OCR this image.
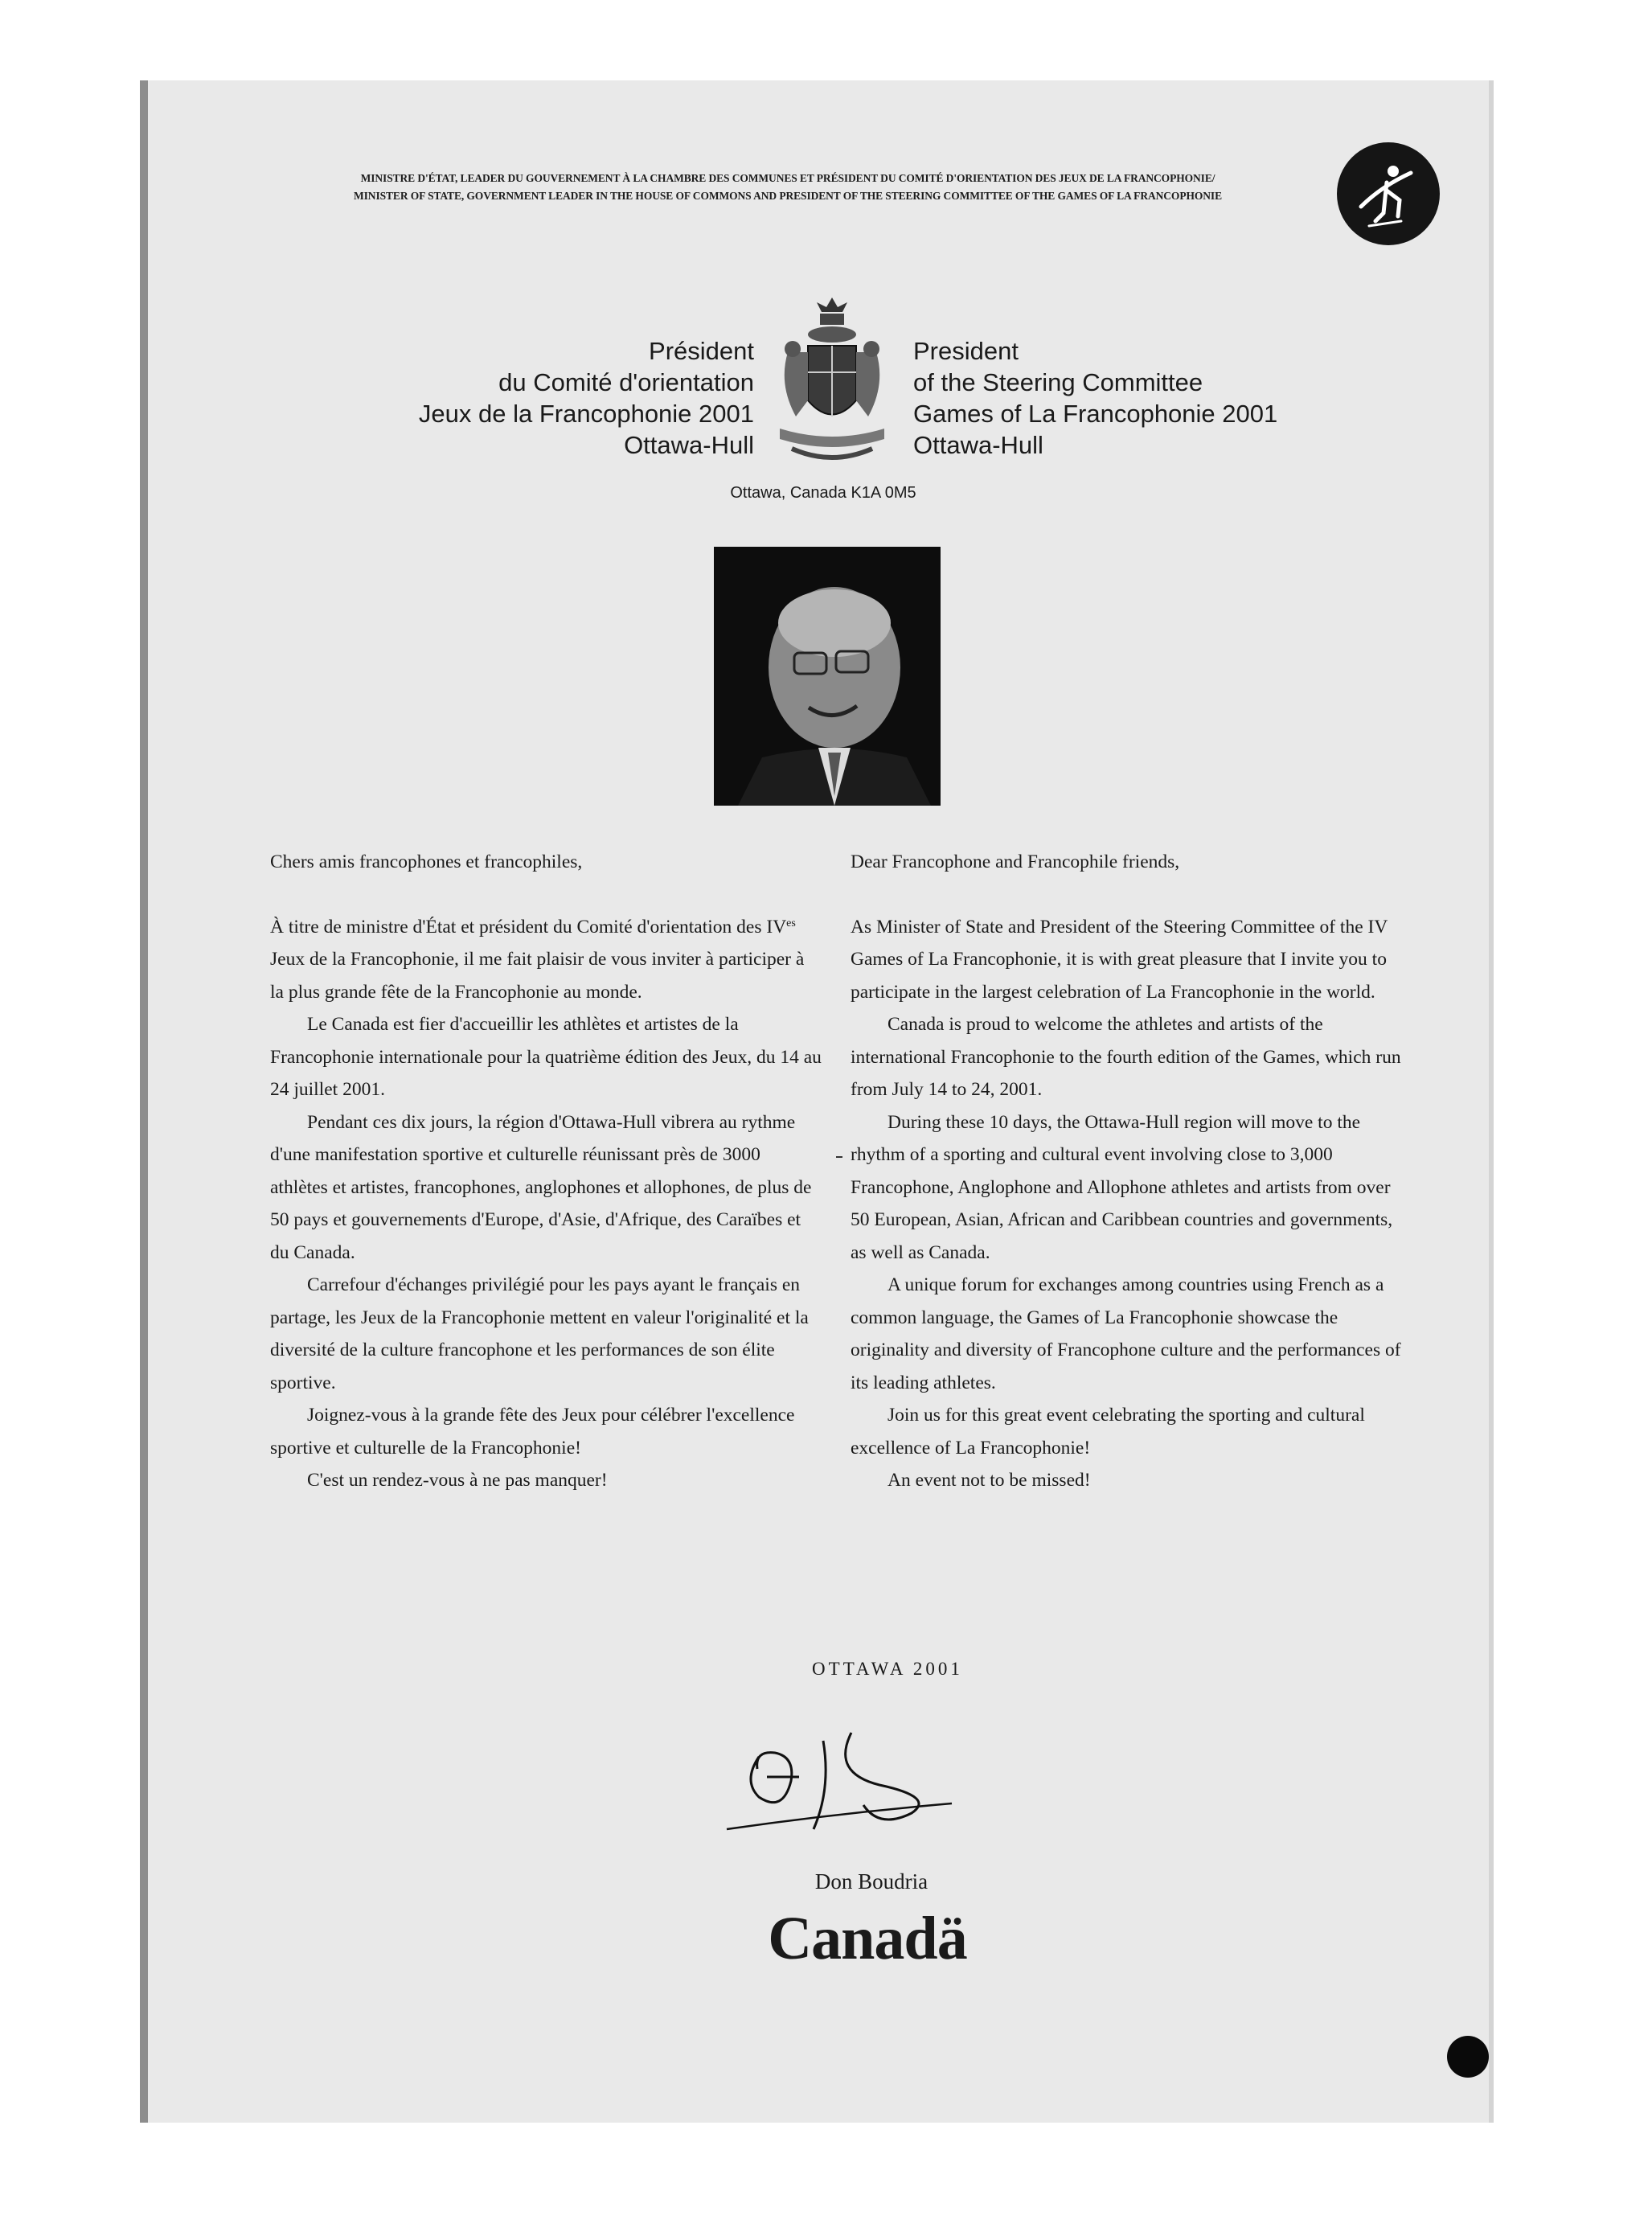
MINISTRE D'ÉTAT, LEADER DU GOUVERNEMENT À LA CHAMBRE DES COMMUNES ET PRÉSIDENT DU COMITÉ D'ORIENTATION DES JEUX DE LA FRANCOPHONIE/
MINISTER OF STATE, GOVERNMENT LEADER IN THE HOUSE OF COMMONS AND PRESIDENT OF THE STEERING COMMITTEE OF THE GAMES OF LA FRANCOPHONIE
Président
du Comité d'orientation
Jeux de la Francophonie 2001
Ottawa-Hull
President
of the Steering Committee
Games of La Francophonie 2001
Ottawa-Hull
Ottawa, Canada K1A 0M5
Chers amis francophones et francophiles,

À titre de ministre d'État et président du Comité d'orientation des $IV^{es}$ Jeux de la Francophonie, il me fait plaisir de vous inviter à participer à la plus grande fête de la Francophonie au monde.

Le Canada est fier d'accueillir les athlètes et artistes de la Francophonie internationale pour la quatrième édition des Jeux, du 14 au 24 juillet 2001.

Pendant ces dix jours, la région d'Ottawa-Hull vibrera au rythme d'une manifestation sportive et culturelle réunissant près de 3000 athlètes et artistes, francophones, anglophones et allophones, de plus de 50 pays et gouvernements d'Europe, d'Asie, d'Afrique, des Caraïbes et du Canada.

Carrefour d'échanges privilégié pour les pays ayant le français en partage, les Jeux de la Francophonie mettent en valeur l'originalité et la diversité de la culture francophone et les performances de son élite sportive.

Joignez-vous à la grande fête des Jeux pour célébrer l'excellence sportive et culturelle de la Francophonie!

C'est un rendez-vous à ne pas manquer!

Dear Francophone and Francophile friends,

As Minister of State and President of the Steering Committee of the IV Games of La Francophonie, it is with great pleasure that I invite you to participate in the largest celebration of La Francophonie in the world.

Canada is proud to welcome the athletes and artists of the international Francophonie to the fourth edition of the Games, which run from July 14 to 24, 2001.

During these 10 days, the Ottawa-Hull region will move to the rhythm of a sporting and cultural event involving close to 3,000 Francophone, Anglophone and Allophone athletes and artists from over 50 European, Asian, African and Caribbean countries and governments, as well as Canada.

A unique forum for exchanges among countries using French as a common language, the Games of La Francophonie showcase the originality and diversity of Francophone culture and the performances of its leading athletes.

Join us for this great event celebrating the sporting and cultural excellence of La Francophonie!

An event not to be missed!

OTTAWA 2001
Don Boudria
Canadä
